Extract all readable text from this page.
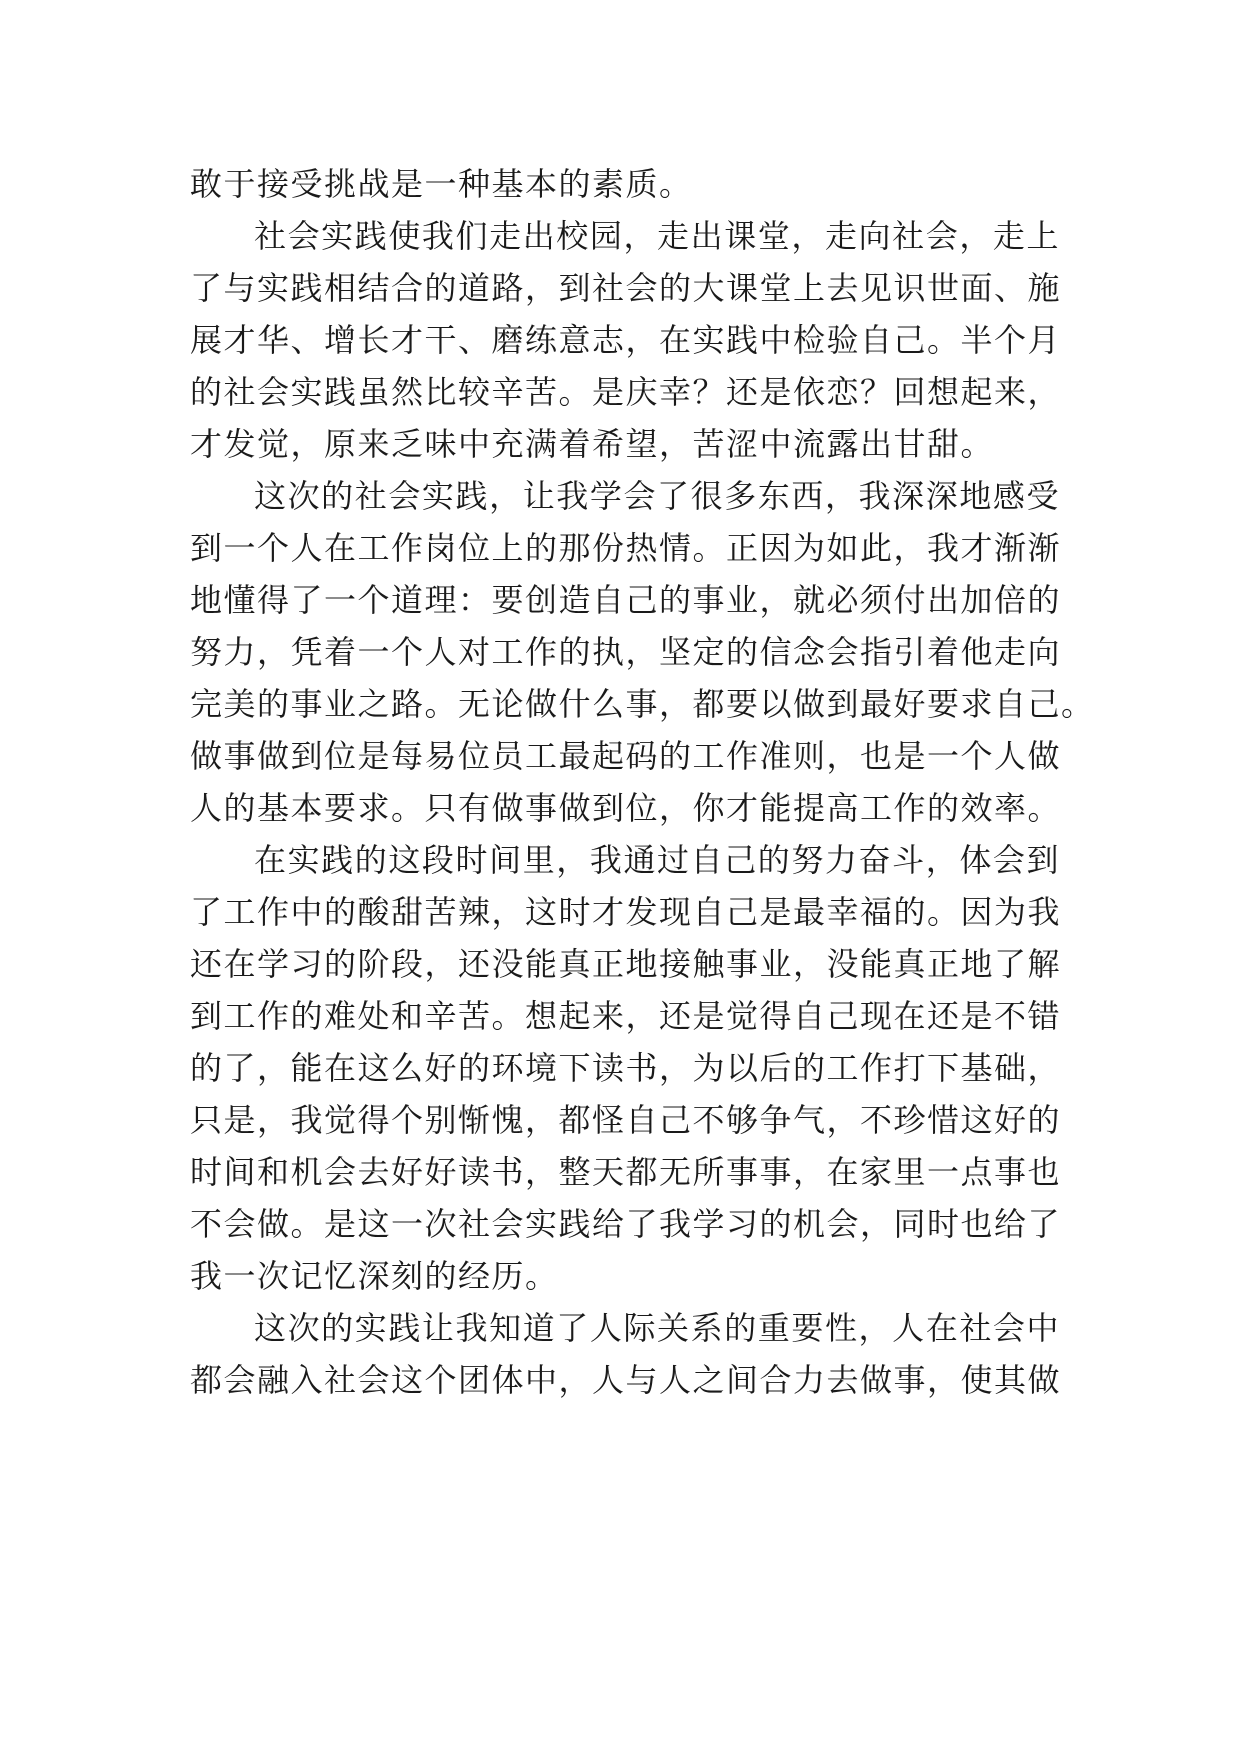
敢于接受挑战是一种基本的素质。
社会实践使我们走出校园，走出课堂，走向社会，走上
了与实践相结合的道路，到社会的大课堂上去见识世面、施
展才华、增长才干、磨练意志，在实践中检验自己。半个月
的社会实践虽然比较辛苦。是庆幸？还是依恋？回想起来，
才发觉，原来乏味中充满着希望，苦涩中流露出甘甜。
这次的社会实践，让我学会了很多东西，我深深地感受
到一个人在工作岗位上的那份热情。正因为如此，我才渐渐
地懂得了一个道理：要创造自己的事业，就必须付出加倍的
努力，凭着一个人对工作的执，坚定的信念会指引着他走向
完美的事业之路。无论做什么事，都要以做到最好要求自己。
做事做到位是每易位员工最起码的工作准则，也是一个人做
人的基本要求。只有做事做到位，你才能提高工作的效率。
在实践的这段时间里，我通过自己的努力奋斗，体会到
了工作中的酸甜苦辣，这时才发现自己是最幸福的。因为我
还在学习的阶段，还没能真正地接触事业，没能真正地了解
到工作的难处和辛苦。想起来，还是觉得自己现在还是不错
的了，能在这么好的环境下读书，为以后的工作打下基础，
只是，我觉得个别惭愧，都怪自己不够争气，不珍惜这好的
时间和机会去好好读书，整天都无所事事，在家里一点事也
不会做。是这一次社会实践给了我学习的机会，同时也给了
我一次记忆深刻的经历。
这次的实践让我知道了人际关系的重要性，人在社会中
都会融入社会这个团体中，人与人之间合力去做事，使其做
